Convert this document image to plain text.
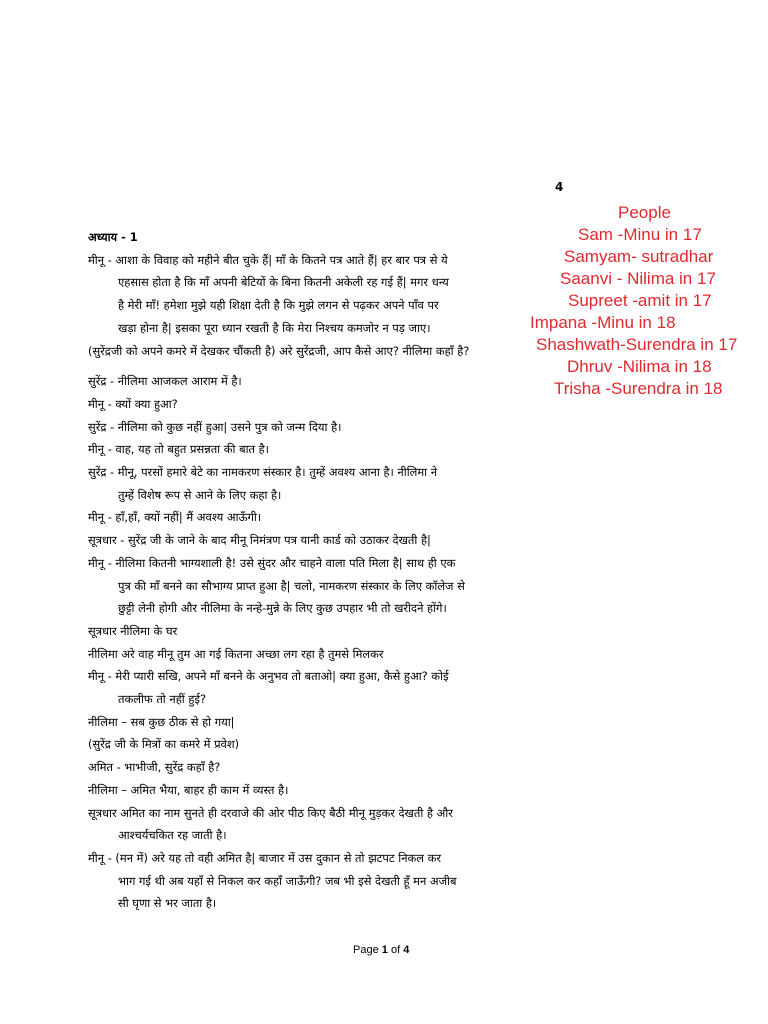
4
People
Sam -Minu in 17
Samyam- sutradhar
Saanvi - Nilima in 17
Supreet -amit in 17
Impana -Minu in 18
Shashwath-Surendra in 17
Dhruv -Nilima in 18
Trisha -Surendra in 18
अध्याय - 1
मीनू - आशा के विवाह को महीने बीत चुके हैं| माँ के कितने पत्र आते हैं| हर बार पत्र से ये
एहसास होता है कि माँ अपनी बेटियों के बिना कितनी अकेली रह गई हैं| मगर धन्य
है मेरी माँ! हमेशा मुझे यही शिक्षा देती है कि मुझे लगन से पढ़कर अपने पाँव पर
खड़ा होना है| इसका पूरा ध्यान रखती है कि मेरा निश्चय कमजोर न पड़ जाए।
(सुरेंद्रजी को अपने कमरे में देखकर चौंकती है) अरे सुरेंद्रजी, आप कैसे आए? नीलिमा कहाँ है?
सुरेंद्र - नीलिमा आजकल आराम में है।
मीनू - क्यों क्या हुआ?
सुरेंद्र - नीलिमा को कुछ नहीं हुआ| उसने पुत्र को जन्म दिया है।
मीनू - वाह, यह तो बहुत प्रसन्नता की बात है।
सुरेंद्र - मीनू, परसों हमारे बेटे का नामकरण संस्कार है। तुम्हें अवश्य आना है। नीलिमा ने
तुम्हें विशेष रूप से आने के लिए कहा है।
मीनू - हाँ,हाँ, क्यों नहीं| मैं अवश्य आऊँगी।
सूत्रधार - सुरेंद्र जी के जाने के बाद मीनू निमंत्रण पत्र यानी कार्ड को उठाकर देखती है|
मीनू - नीलिमा कितनी भाग्यशाली है! उसे सुंदर और चाहने वाला पति मिला है| साथ ही एक
पुत्र की माँ बनने का सौभाग्य प्राप्त हुआ है| चलो, नामकरण संस्कार के लिए कॉलेज से
छुट्टी लेनी होगी और नीलिमा के नन्हे-मुन्ने के लिए कुछ उपहार भी तो खरीदने होंगे।
सूत्रधार नीलिमा के घर
नीलिमा अरे वाह मीनू तुम आ गई कितना अच्छा लग रहा है तुमसे मिलकर
मीनू - मेरी प्यारी सखि, अपने माँ बनने के अनुभव तो बताओ| क्या हुआ, कैसे हुआ? कोई
तकलीफ तो नहीं हुई?
नीलिमा – सब कुछ ठीक से हो गया|
(सुरेंद्र जी के मित्रों का कमरे में प्रवेश)
अमित - भाभीजी, सुरेंद्र कहाँ है?
नीलिमा – अमित भैया, बाहर ही काम में व्यस्त है।
सूत्रधार अमित का नाम सुनते ही दरवाजे की ओर पीठ किए बैठी मीनू मुड़कर देखती है और
आश्चर्यचकित रह जाती है।
मीनू - (मन में) अरे यह तो वही अमित है| बाजार में उस दुकान से तो झटपट निकल कर
भाग गई थी अब यहाँ से निकल कर कहाँ जाऊँगी? जब भी इसे देखती हूँ मन अजीब
सी घृणा से भर जाता है।
Page 1 of 4
